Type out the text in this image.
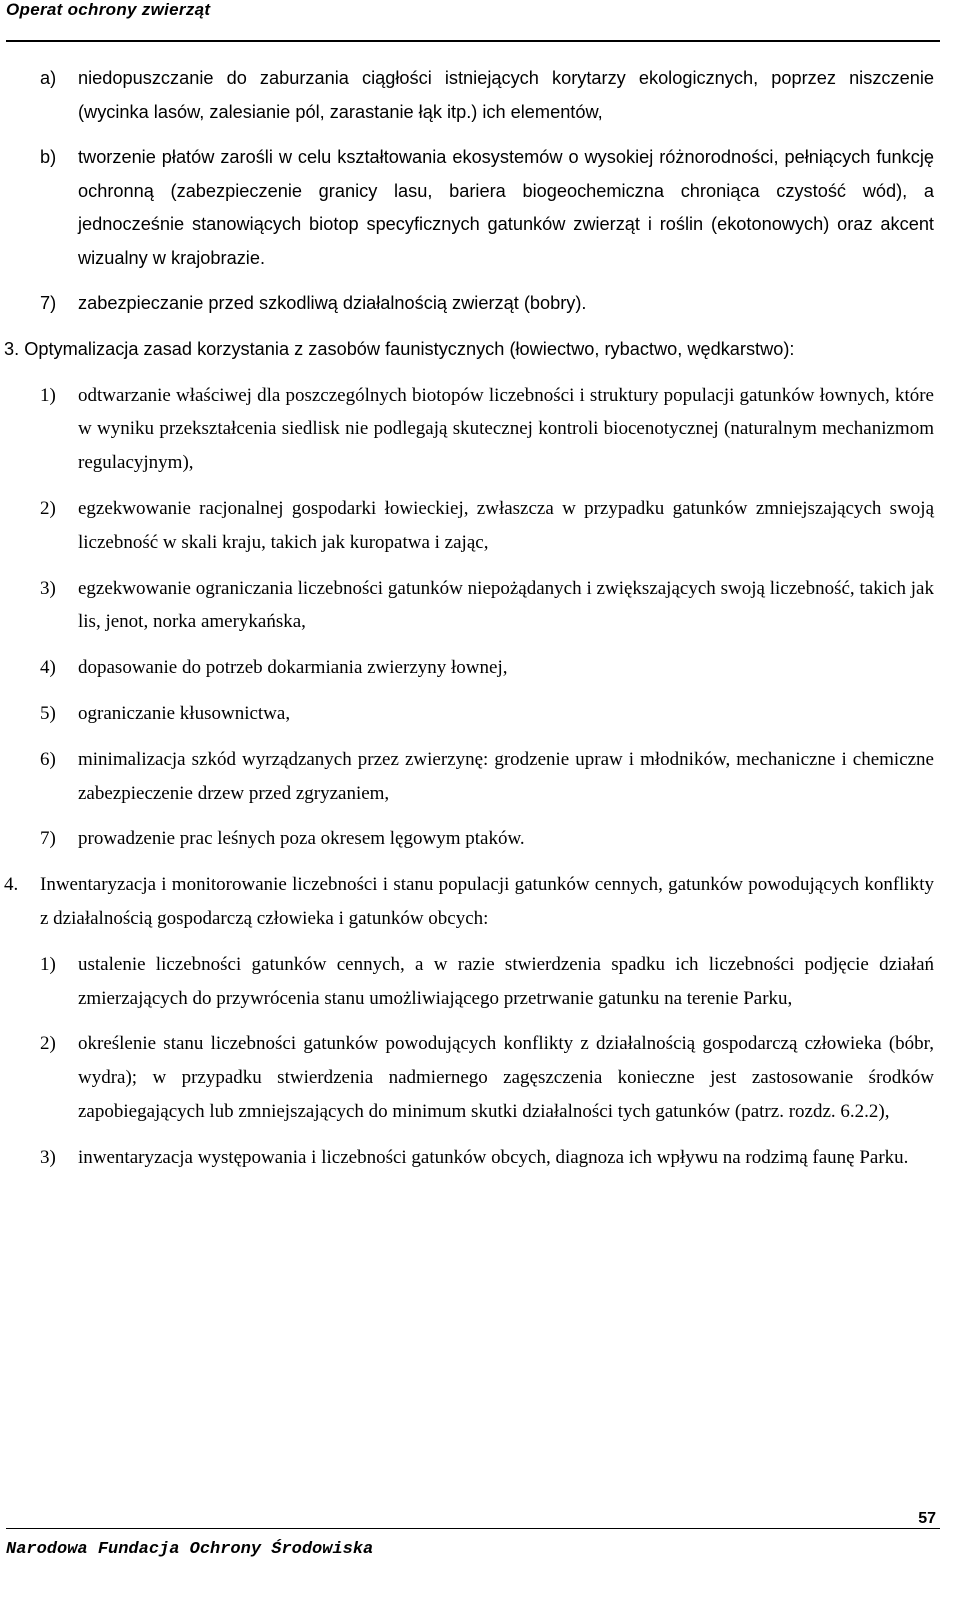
Operat ochrony zwierząt
a) niedopuszczanie do zaburzania ciągłości istniejących korytarzy ekologicznych, poprzez niszczenie (wycinka lasów, zalesianie pól, zarastanie łąk itp.) ich elementów,
b) tworzenie płatów zarośli w celu kształtowania ekosystemów o wysokiej różnorodności, pełniących funkcję ochronną (zabezpieczenie granicy lasu, bariera biogeochemiczna chroniąca czystość wód), a jednocześnie stanowiących biotop specyficznych gatunków zwierząt i roślin (ekotonowych) oraz akcent wizualny w krajobrazie.
7) zabezpieczanie przed szkodliwą działalnością zwierząt (bobry).
3. Optymalizacja zasad korzystania z zasobów faunistycznych (łowiectwo, rybactwo, wędkarstwo):
1) odtwarzanie właściwej dla poszczególnych biotopów liczebności i struktury populacji gatunków łownych, które w wyniku przekształcenia siedlisk nie podlegają skutecznej kontroli biocenotycznej (naturalnym mechanizmom regulacyjnym),
2) egzekwowanie racjonalnej gospodarki łowieckiej, zwłaszcza w przypadku gatunków zmniejszających swoją liczebność w skali kraju, takich jak kuropatwa i zając,
3) egzekwowanie ograniczania liczebności gatunków niepożądanych i zwiększających swoją liczebność, takich jak lis, jenot, norka amerykańska,
4) dopasowanie do potrzeb dokarmiania zwierzyny łownej,
5) ograniczanie kłusownictwa,
6) minimalizacja szkód wyrządzanych przez zwierzynę: grodzenie upraw i młodników, mechaniczne i chemiczne zabezpieczenie drzew przed zgryzaniem,
7) prowadzenie prac leśnych poza okresem lęgowym ptaków.
4. Inwentaryzacja i monitorowanie liczebności i stanu populacji gatunków cennych, gatunków powodujących konflikty z działalnością gospodarczą człowieka i gatunków obcych:
1) ustalenie liczebności gatunków cennych, a w razie stwierdzenia spadku ich liczebności podjęcie działań zmierzających do przywrócenia stanu umożliwiającego przetrwanie gatunku na terenie Parku,
2) określenie stanu liczebności gatunków powodujących konflikty z działalnością gospodarczą człowieka (bóbr, wydra); w przypadku stwierdzenia nadmiernego zagęszczenia konieczne jest zastosowanie środków zapobiegających lub zmniejszających do minimum skutki działalności tych gatunków (patrz. rozdz. 6.2.2),
3) inwentaryzacja występowania i liczebności gatunków obcych, diagnoza ich wpływu na rodzimą faunę Parku.
57
Narodowa Fundacja Ochrony Środowiska
